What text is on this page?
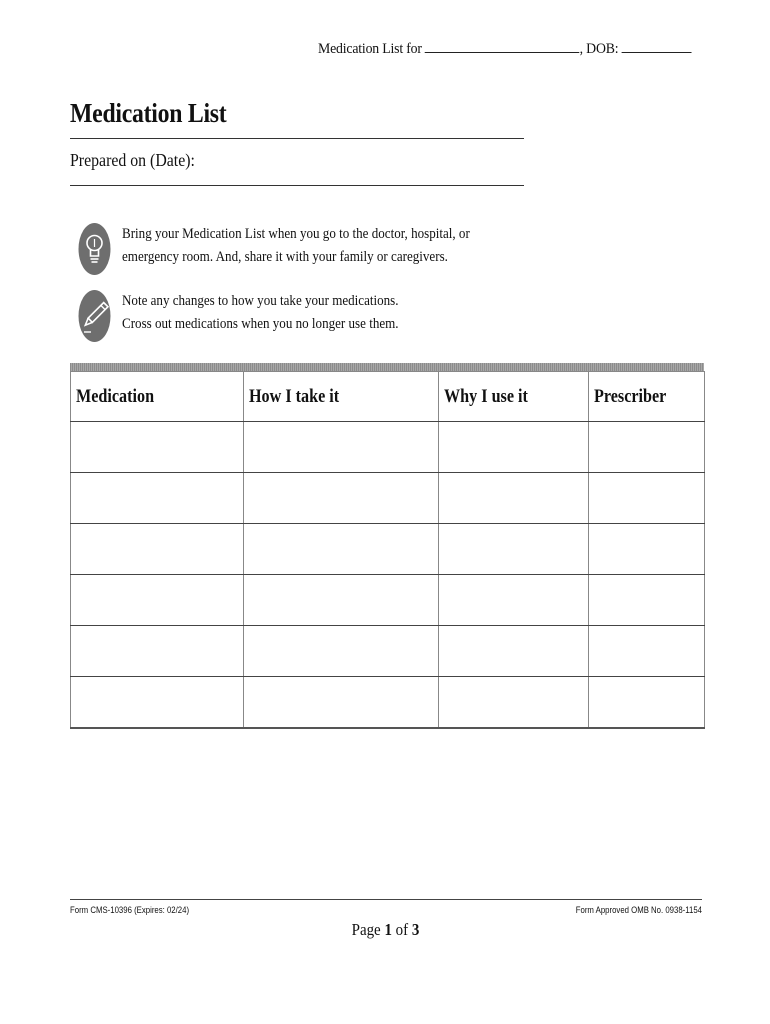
Medication List for	, DOB:
Medication List
Prepared on (Date):
Bring your Medication List when you go to the doctor, hospital, or
emergency room. And, share it with your family or caregivers.
Note any changes to how you take your medications.
Cross out medications when you no longer use them.
Medication	How I take it	Why I use it	Prescriber

Form CMS-10396 (Expires: 02/24)	Form Approved OMB No. 0938-1154
Page 1 of 3
